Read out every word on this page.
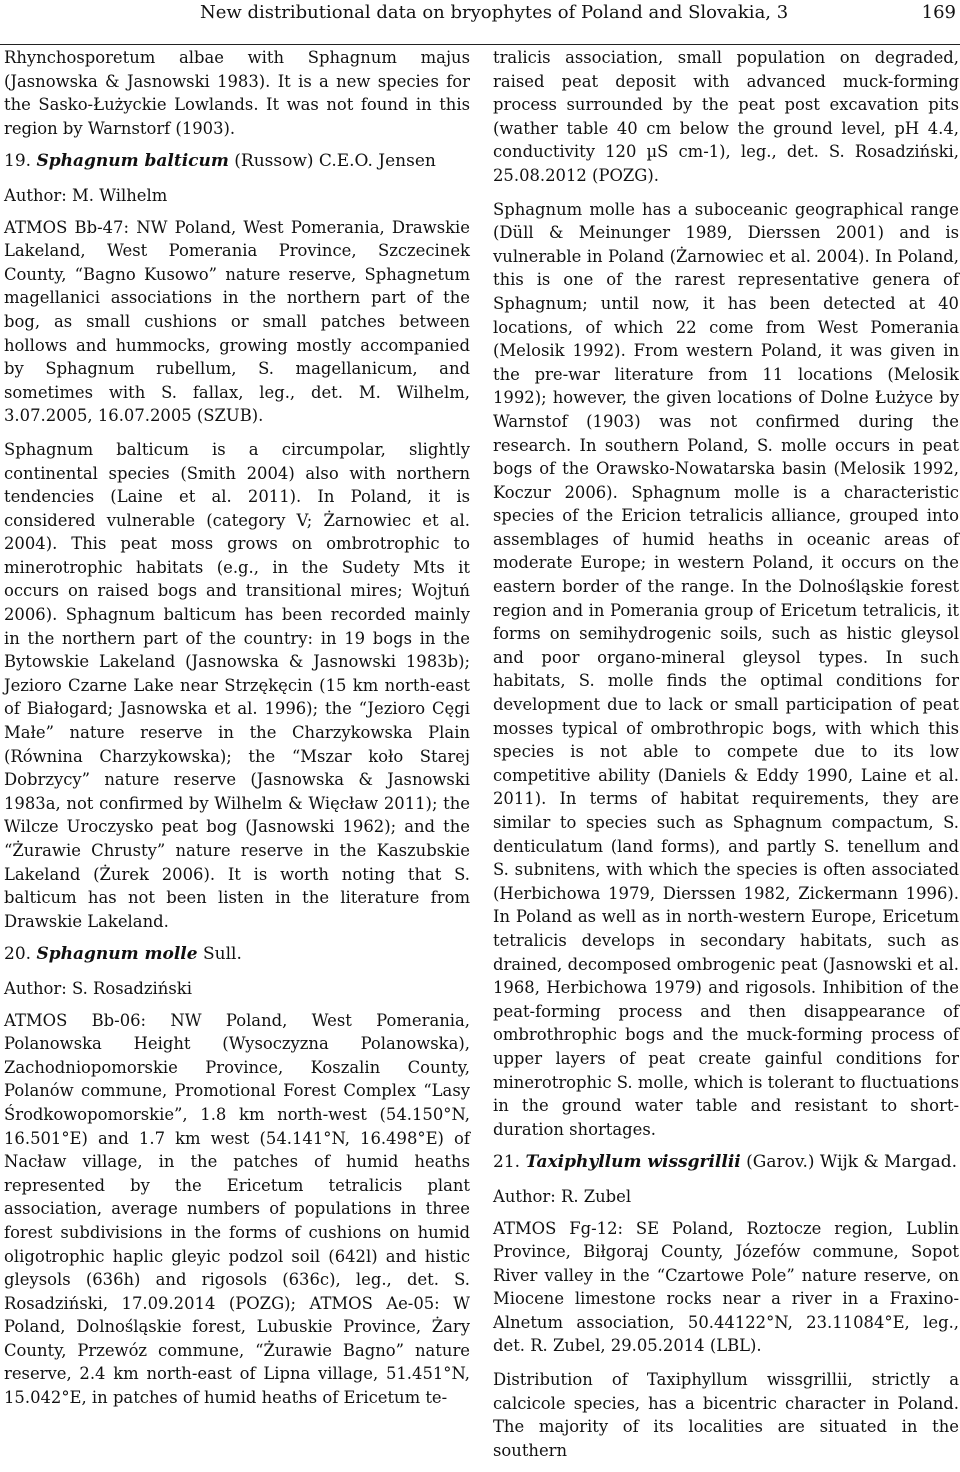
New distributional data on bryophytes of Poland and Slovakia, 3	169

Rhynchosporetum albae with Sphagnum majus (Jasnowska & Jasnowski 1983). It is a new species for the Sasko-Łużyckie Lowlands. It was not found in this region by Warnstorf (1903).

19. Sphagnum balticum (Russow) C.E.O. Jensen

Author: M. Wilhelm

ATMOS Bb-47: NW Poland, West Pomerania, Drawskie Lakeland, West Pomerania Province, Szczecinek County, “Bagno Kusowo” nature reserve, Sphagnetum magellanici associations in the northern part of the bog, as small cushions or small patches between hollows and hummocks, growing mostly accompanied by Sphagnum rubellum, S. magellanicum, and sometimes with S. fallax, leg., det. M. Wilhelm, 3.07.2005, 16.07.2005 (SZUB).

Sphagnum balticum is a circumpolar, slightly continental species (Smith 2004) also with northern tendencies (Laine et al. 2011). In Poland, it is considered vulnerable (category V; Żarnowiec et al. 2004). This peat moss grows on ombrotrophic to minerotrophic habitats (e.g., in the Sudety Mts it occurs on raised bogs and transitional mires; Wojtuń 2006). Sphagnum balticum has been recorded mainly in the northern part of the country: in 19 bogs in the Bytowskie Lakeland (Jasnowska & Jasnowski 1983b); Jezioro Czarne Lake near Strzękęcin (15 km north-east of Białogard; Jasnowska et al. 1996); the “Jezioro Cęgi Małe” nature reserve in the Charzykowska Plain (Równina Charzykowska); the “Mszar koło Starej Dobrzycy” nature reserve (Jasnowska & Jasnowski 1983a, not confirmed by Wilhelm & Więcław 2011); the Wilcze Uroczysko peat bog (Jasnowski 1962); and the “Żurawie Chrusty” nature reserve in the Kaszubskie Lakeland (Żurek 2006). It is worth noting that S. balticum has not been listen in the literature from Drawskie Lakeland.

20. Sphagnum molle Sull.

Author: S. Rosadziński

ATMOS Bb-06: NW Poland, West Pomerania, Polanowska Height (Wysoczyzna Polanowska), Zachodniopomorskie Province, Koszalin County, Polanów commune, Promotional Forest Complex “Lasy Środkowopomorskie”, 1.8 km north-west (54.150°N, 16.501°E) and 1.7 km west (54.141°N, 16.498°E) of Nacław village, in the patches of humid heaths represented by the Ericetum tetralicis plant association, average numbers of populations in three forest subdivisions in the forms of cushions on humid oligotrophic haplic gleyic podzol soil (642l) and histic gleysols (636h) and rigosols (636c), leg., det. S. Rosadziński, 17.09.2014 (POZG); ATMOS Ae-05: W Poland, Dolnośląskie forest, Lubuskie Province, Żary County, Przewóz commune, “Żurawie Bagno” nature reserve, 2.4 km north-east of Lipna village, 51.451°N, 15.042°E, in patches of humid heaths of Ericetum te-

tralicis association, small population on degraded, raised peat deposit with advanced muck-forming process surrounded by the peat post excavation pits (wather table 40 cm below the ground level, pH 4.4, conductivity 120 µS cm-1), leg., det. S. Rosadziński, 25.08.2012 (POZG).

Sphagnum molle has a suboceanic geographical range (Düll & Meinunger 1989, Dierssen 2001) and is vulnerable in Poland (Żarnowiec et al. 2004). In Poland, this is one of the rarest representative genera of Sphagnum; until now, it has been detected at 40 locations, of which 22 come from West Pomerania (Melosik 1992). From western Poland, it was given in the pre-war literature from 11 locations (Melosik 1992); however, the given locations of Dolne Łużyce by Warnstof (1903) was not confirmed during the research. In southern Poland, S. molle occurs in peat bogs of the Orawsko-Nowatarska basin (Melosik 1992, Koczur 2006). Sphagnum molle is a characteristic species of the Ericion tetralicis alliance, grouped into assemblages of humid heaths in oceanic areas of moderate Europe; in western Poland, it occurs on the eastern border of the range. In the Dolnośląskie forest region and in Pomerania group of Ericetum tetralicis, it forms on semihydrogenic soils, such as histic gleysol and poor organo-mineral gleysol types. In such habitats, S. molle finds the optimal conditions for development due to lack or small participation of peat mosses typical of ombrothropic bogs, with which this species is not able to compete due to its low competitive ability (Daniels & Eddy 1990, Laine et al. 2011). In terms of habitat requirements, they are similar to species such as Sphagnum compactum, S. denticulatum (land forms), and partly S. tenellum and S. subnitens, with which the species is often associated (Herbichowa 1979, Dierssen 1982, Zickermann 1996). In Poland as well as in north-western Europe, Ericetum tetralicis develops in secondary habitats, such as drained, decomposed ombrogenic peat (Jasnowski et al. 1968, Herbichowa 1979) and rigosols. Inhibition of the peat-forming process and then disappearance of ombrothrophic bogs and the muck-forming process of upper layers of peat create gainful conditions for minerotrophic S. molle, which is tolerant to fluctuations in the ground water table and resistant to short-duration shortages.

21. Taxiphyllum wissgrillii (Garov.) Wijk & Margad.

Author: R. Zubel

ATMOS Fg-12: SE Poland, Roztocze region, Lublin Province, Biłgoraj County, Józefów commune, Sopot River valley in the “Czartowe Pole” nature reserve, on Miocene limestone rocks near a river in a Fraxino-Alnetum association, 50.44122°N, 23.11084°E, leg., det. R. Zubel, 29.05.2014 (LBL).

Distribution of Taxiphyllum wissgrillii, strictly a calcicole species, has a bicentric character in Poland. The majority of its localities are situated in the southern
